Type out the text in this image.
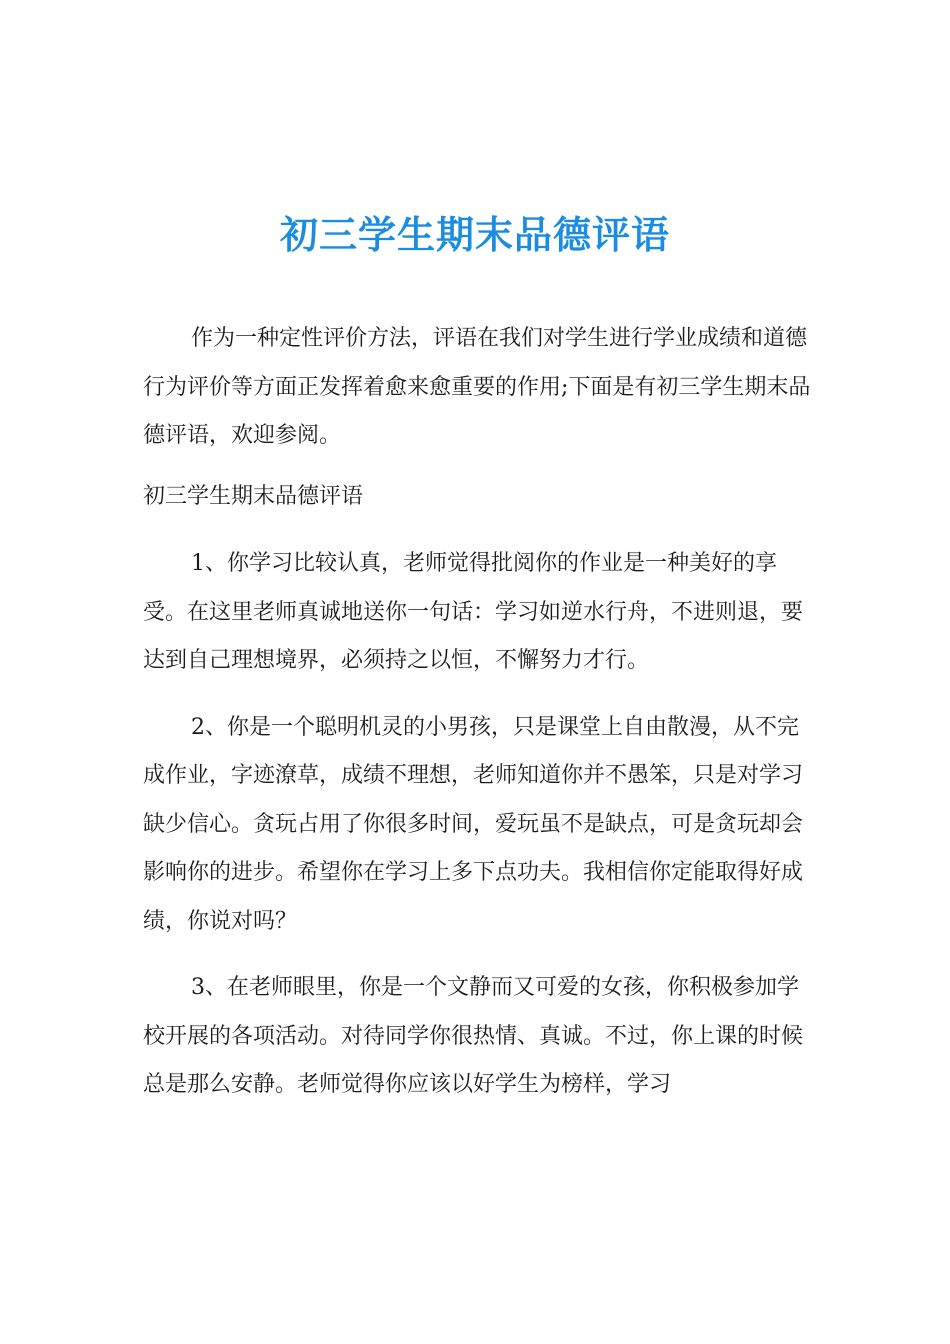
初三学生期末品德评语

作为一种定性评价方法，评语在我们对学生进行学业成绩和道德行为评价等方面正发挥着愈来愈重要的作用;下面是有初三学生期末品德评语，欢迎参阅。

初三学生期末品德评语

1、你学习比较认真，老师觉得批阅你的作业是一种美好的享受。在这里老师真诚地送你一句话：学习如逆水行舟，不进则退，要达到自己理想境界，必须持之以恒，不懈努力才行。

2、你是一个聪明机灵的小男孩，只是课堂上自由散漫，从不完成作业，字迹潦草，成绩不理想，老师知道你并不愚笨，只是对学习缺少信心。贪玩占用了你很多时间，爱玩虽不是缺点，可是贪玩却会影响你的进步。希望你在学习上多下点功夫。我相信你定能取得好成绩，你说对吗？

3、在老师眼里，你是一个文静而又可爱的女孩，你积极参加学校开展的各项活动。对待同学你很热情、真诚。不过，你上课的时候总是那么安静。老师觉得你应该以好学生为榜样，学习
